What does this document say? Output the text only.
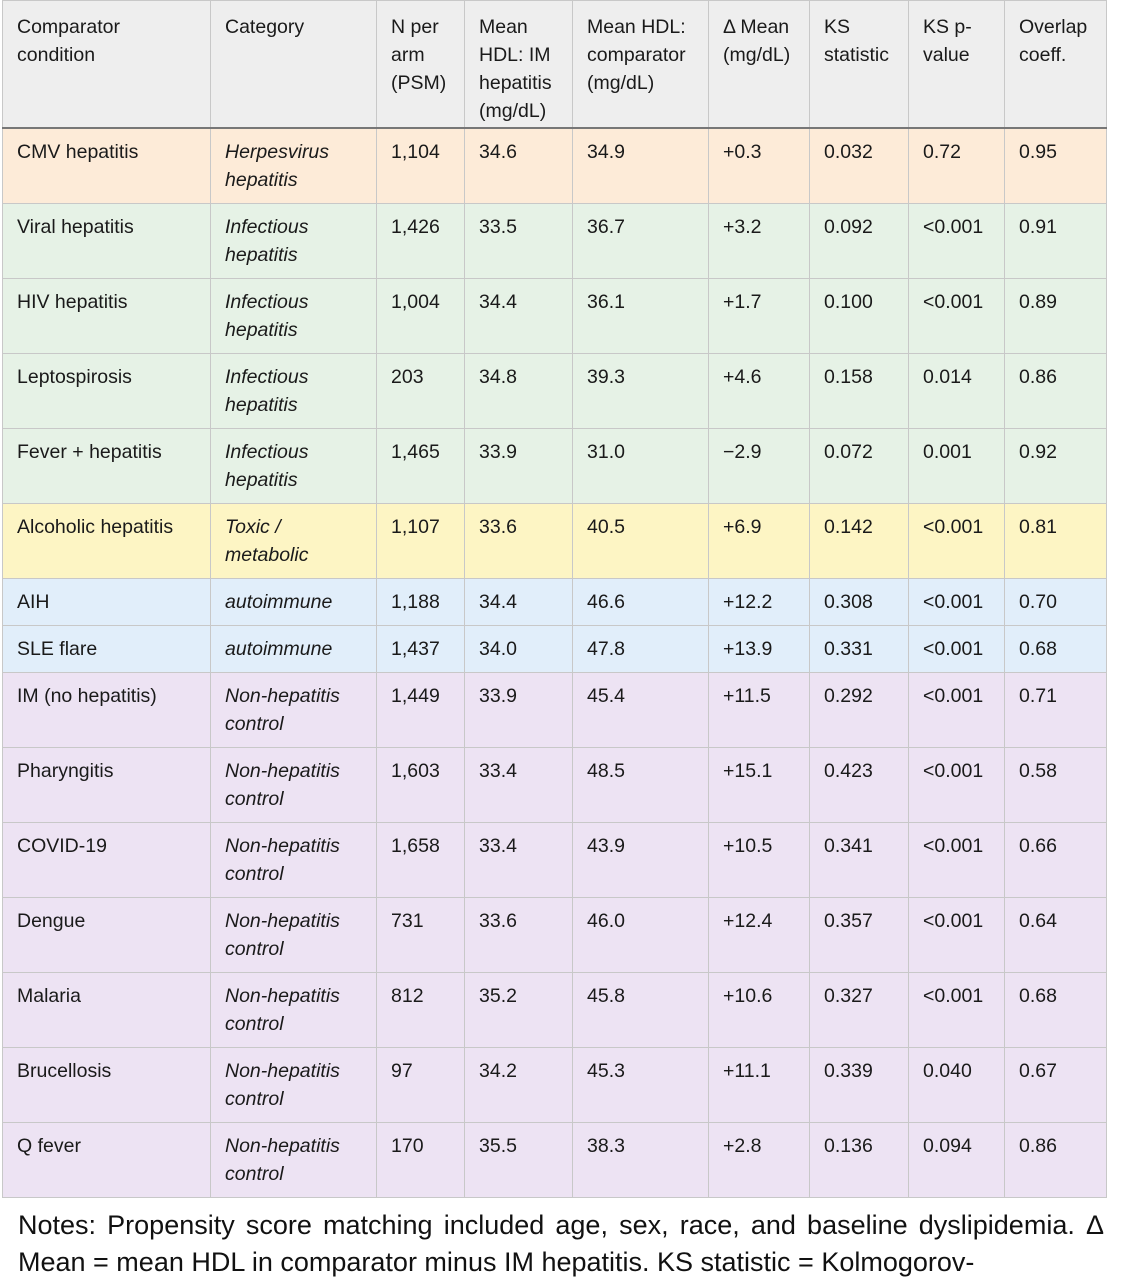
Comparator condition	Category	N per arm (PSM)	Mean HDL: IM hepatitis (mg/dL)	Mean HDL: comparator (mg/dL)	Δ Mean (mg/dL)	KS statistic	KS p-value	Overlap coeff.
CMV hepatitis	Herpesvirus hepatitis	1,104	34.6	34.9	+0.3	0.032	0.72	0.95
Viral hepatitis	Infectious hepatitis	1,426	33.5	36.7	+3.2	0.092	<0.001	0.91
HIV hepatitis	Infectious hepatitis	1,004	34.4	36.1	+1.7	0.100	<0.001	0.89
Leptospirosis	Infectious hepatitis	203	34.8	39.3	+4.6	0.158	0.014	0.86
Fever + hepatitis	Infectious hepatitis	1,465	33.9	31.0	−2.9	0.072	0.001	0.92
Alcoholic hepatitis	Toxic / metabolic	1,107	33.6	40.5	+6.9	0.142	<0.001	0.81
AIH	autoimmune	1,188	34.4	46.6	+12.2	0.308	<0.001	0.70
SLE flare	autoimmune	1,437	34.0	47.8	+13.9	0.331	<0.001	0.68
IM (no hepatitis)	Non-hepatitis control	1,449	33.9	45.4	+11.5	0.292	<0.001	0.71
Pharyngitis	Non-hepatitis control	1,603	33.4	48.5	+15.1	0.423	<0.001	0.58
COVID-19	Non-hepatitis control	1,658	33.4	43.9	+10.5	0.341	<0.001	0.66
Dengue	Non-hepatitis control	731	33.6	46.0	+12.4	0.357	<0.001	0.64
Malaria	Non-hepatitis control	812	35.2	45.8	+10.6	0.327	<0.001	0.68
Brucellosis	Non-hepatitis control	97	34.2	45.3	+11.1	0.339	0.040	0.67
Q fever	Non-hepatitis control	170	35.5	38.3	+2.8	0.136	0.094	0.86
Notes: Propensity score matching included age, sex, race, and baseline dyslipidemia. Δ Mean = mean HDL in comparator minus IM hepatitis. KS statistic = Kolmogorov-
